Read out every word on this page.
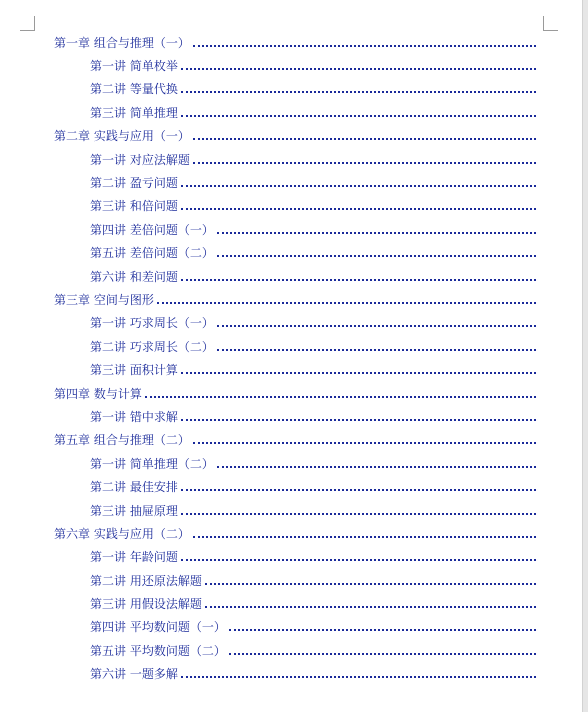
第一章 组合与推理（一）
第一讲 简单枚举
第二讲 等量代换
第三讲 简单推理
第二章 实践与应用（一）
第一讲 对应法解题
第二讲 盈亏问题
第三讲 和倍问题
第四讲 差倍问题（一）
第五讲 差倍问题（二）
第六讲 和差问题
第三章 空间与图形
第一讲 巧求周长（一）
第二讲 巧求周长（二）
第三讲 面积计算
第四章 数与计算
第一讲 错中求解
第五章 组合与推理（二）
第一讲 简单推理（二）
第二讲 最佳安排
第三讲 抽屉原理
第六章 实践与应用（二）
第一讲 年龄问题
第二讲 用还原法解题
第三讲 用假设法解题
第四讲 平均数问题（一）
第五讲 平均数问题（二）
第六讲 一题多解
